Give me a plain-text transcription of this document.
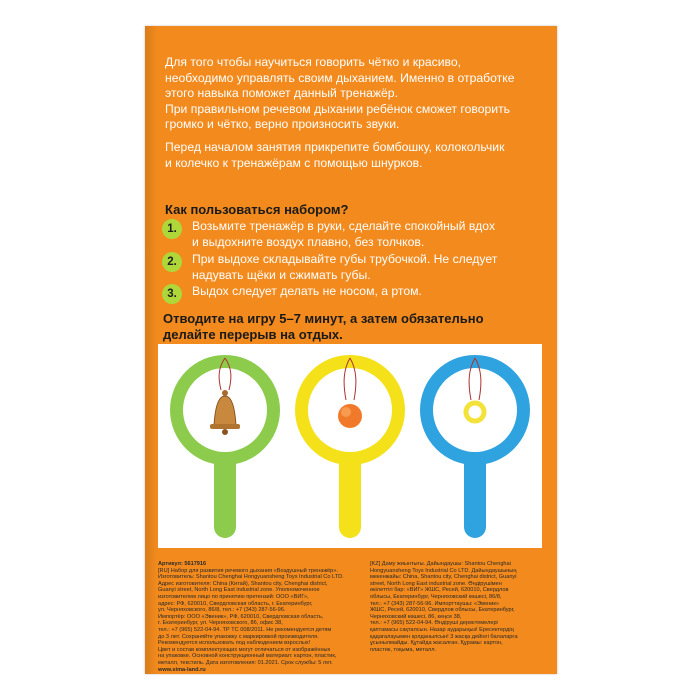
Для того чтобы научиться говорить чётко и красиво,
необходимо управлять своим дыханием. Именно в отработке
этого навыка поможет данный тренажёр.
При правильном речевом дыхании ребёнок сможет говорить
громко и чётко, верно произносить звуки.

Перед началом занятия прикрепите бомбошку, колокольчик
и колечко к тренажёрам с помощью шнурков.

Как пользоваться набором?

1.	Возьмите тренажёр в руки, сделайте спокойный вдох
и выдохните воздух плавно, без толчков.

2.	При выдохе складывайте губы трубочкой. Не следует
надувать щёки и сжимать губы.

3.	Выдох следует делать не носом, а ртом.

Отводите на игру 5–7 минут, а затем обязательно
делайте перерыв на отдых.

Артикул: 5617916
[RU] Набор для развития речевого дыхания «Воздушный тренажёр».
Изготовитель: Shantou Chenghai Hongyuansheng Toys Industrial Co LTD.
Адрес изготовителя: China (Китай), Shantou city, Chenghai district,
Guanyi street, North Long East industrial zone. Уполномоченное
изготовителем лицо по принятию претензий: ООО «ВИГ»,
адрес: РФ, 620010, Свердловская область, г. Екатеринбург,
ул. Черняховского, 86/8, тел.: +7 (343) 287-56-96.
Импортёр: ООО «Эвеник», РФ, 620010, Свердловская область,
г. Екатеринбург, ул. Черняховского, 86, офис 38,
тел.: +7 (965) 522-04-94. ТР ТС 008/2011. Не рекомендуется детям
до 3 лет. Сохраняйте упаковку с маркировкой производителя.
Рекомендуется использовать под наблюдением взрослых!
Цвет и состав комплектующих могут отличаться от изображённых
на упаковке. Основной конструкционный материал: картон, пластик,
металл, текстиль. Дата изготовления: 01.2021. Срок службы: 5 лет.
www.sima-land.ru
[KZ] Даму жиынтығы. Дайындаушы: Shantou Chenghai
Hongyuansheng Toys Industrial Co LTD. Дайындаушының
мекенжайы: China, Shantou city, Chenghai district, Guanyi
street, North Long East industrial zone. Өндірушімен
өкілеттігі бар: «ВИГ» ЖШС, Ресей, 620010, Свердлов
облысы, Екатеринбург, Черняховский көшесі, 86/8,
тел.: +7 (343) 287-56-96. Импорттаушы: «Эвеник»
ЖШС, Ресей, 620010, Свердлов облысы, Екатеринбург,
Черняховский көшесі, 86, кеңсе 38,
тел.: +7 (965) 522-04-94. Өндіруші деректемелері
қаптамасы сақталсын. Назар аударыңыз! Ересектердің
қадағалауымен қолданылсын! 3 жасқа дейінгі балаларға
ұсынылмайды. Құтайда жасалған. Құрамы: картон,
пластик, тоқыма, металл.
